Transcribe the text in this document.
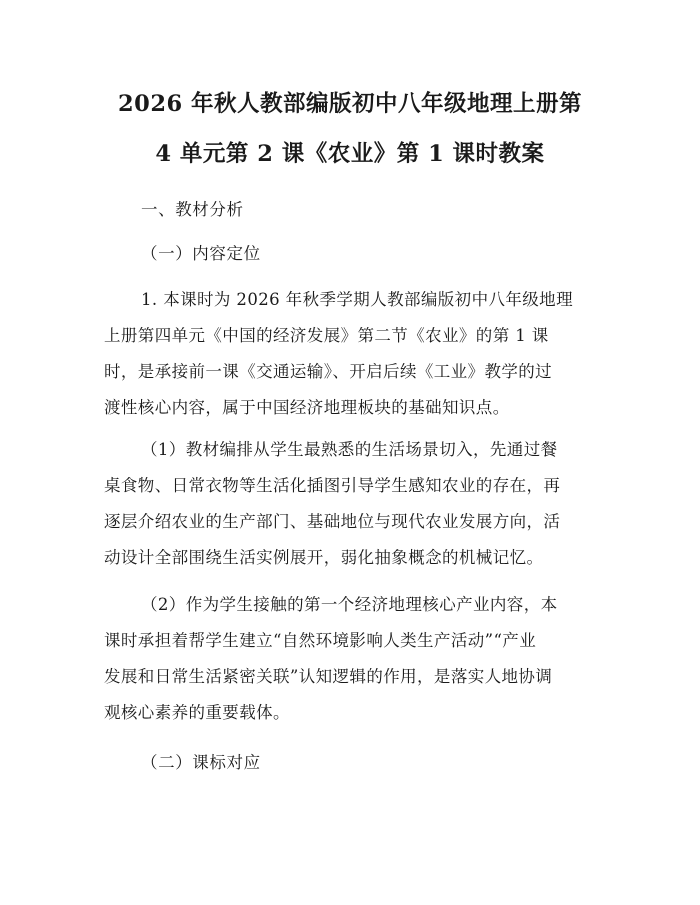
2026 年秋人教部编版初中八年级地理上册第
4 单元第 2 课《农业》第 1 课时教案
一、教材分析
（一）内容定位
1. 本课时为 2026 年秋季学期人教部编版初中八年级地理
上册第四单元《中国的经济发展》第二节《农业》的第 1 课
时，是承接前一课《交通运输》、开启后续《工业》教学的过
渡性核心内容，属于中国经济地理板块的基础知识点。
（1）教材编排从学生最熟悉的生活场景切入，先通过餐
桌食物、日常衣物等生活化插图引导学生感知农业的存在，再
逐层介绍农业的生产部门、基础地位与现代农业发展方向，活
动设计全部围绕生活实例展开，弱化抽象概念的机械记忆。
（2）作为学生接触的第一个经济地理核心产业内容，本
课时承担着帮学生建立“自然环境影响人类生产活动”“产业
发展和日常生活紧密关联”认知逻辑的作用，是落实人地协调
观核心素养的重要载体。
（二）课标对应
